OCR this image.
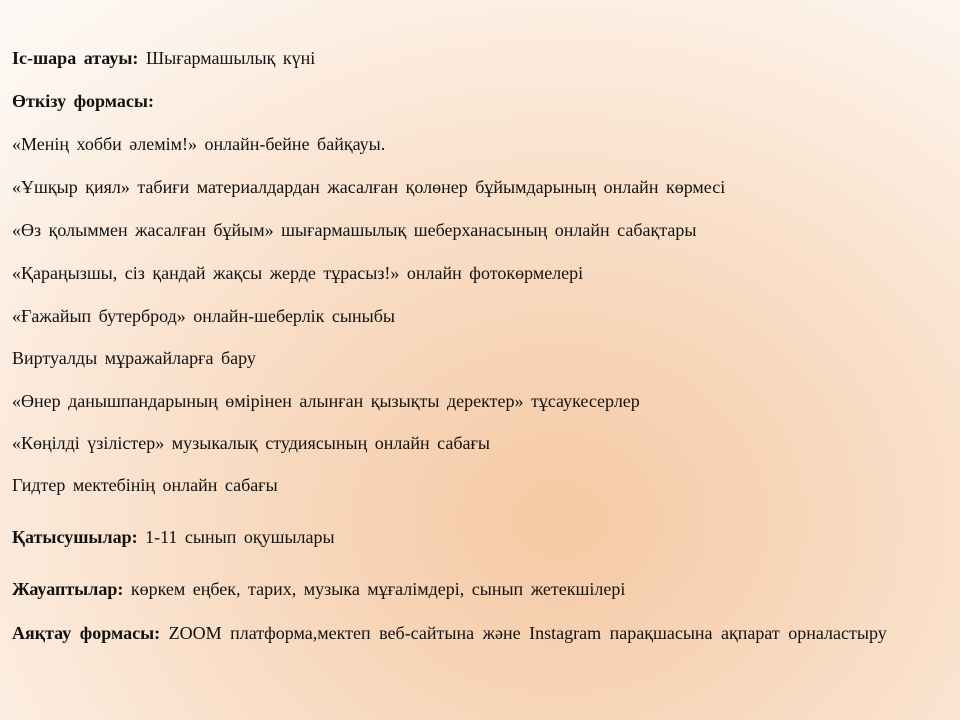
Іс-шара атауы: Шығармашылық күні
Өткізу формасы:
«Менің хобби әлемім!» онлайн-бейне байқауы.
«Ұшқыр қиял» табиғи материалдардан жасалған қолөнер бұйымдарының онлайн көрмесі
«Өз қолыммен жасалған бұйым» шығармашылық шеберханасының онлайн сабақтары
«Қараңызшы, сіз қандай жақсы жерде тұрасыз!» онлайн фотокөрмелері
«Ғажайып бутерброд» онлайн-шеберлік сыныбы
Виртуалды мұражайларға бару
«Өнер данышпандарының өмірінен алынған қызықты деректер» тұсаукесерлер
«Көңілді үзілістер» музыкалық студиясының онлайн сабағы
Гидтер мектебінің онлайн сабағы
Қатысушылар: 1-11 сынып оқушылары
Жауаптылар: көркем еңбек, тарих, музыка мұғалімдері, сынып жетекшілері
Аяқтау формасы: ZOOM платформа,мектеп веб-сайтына және Instagram парақшасына ақпарат орналастыру
